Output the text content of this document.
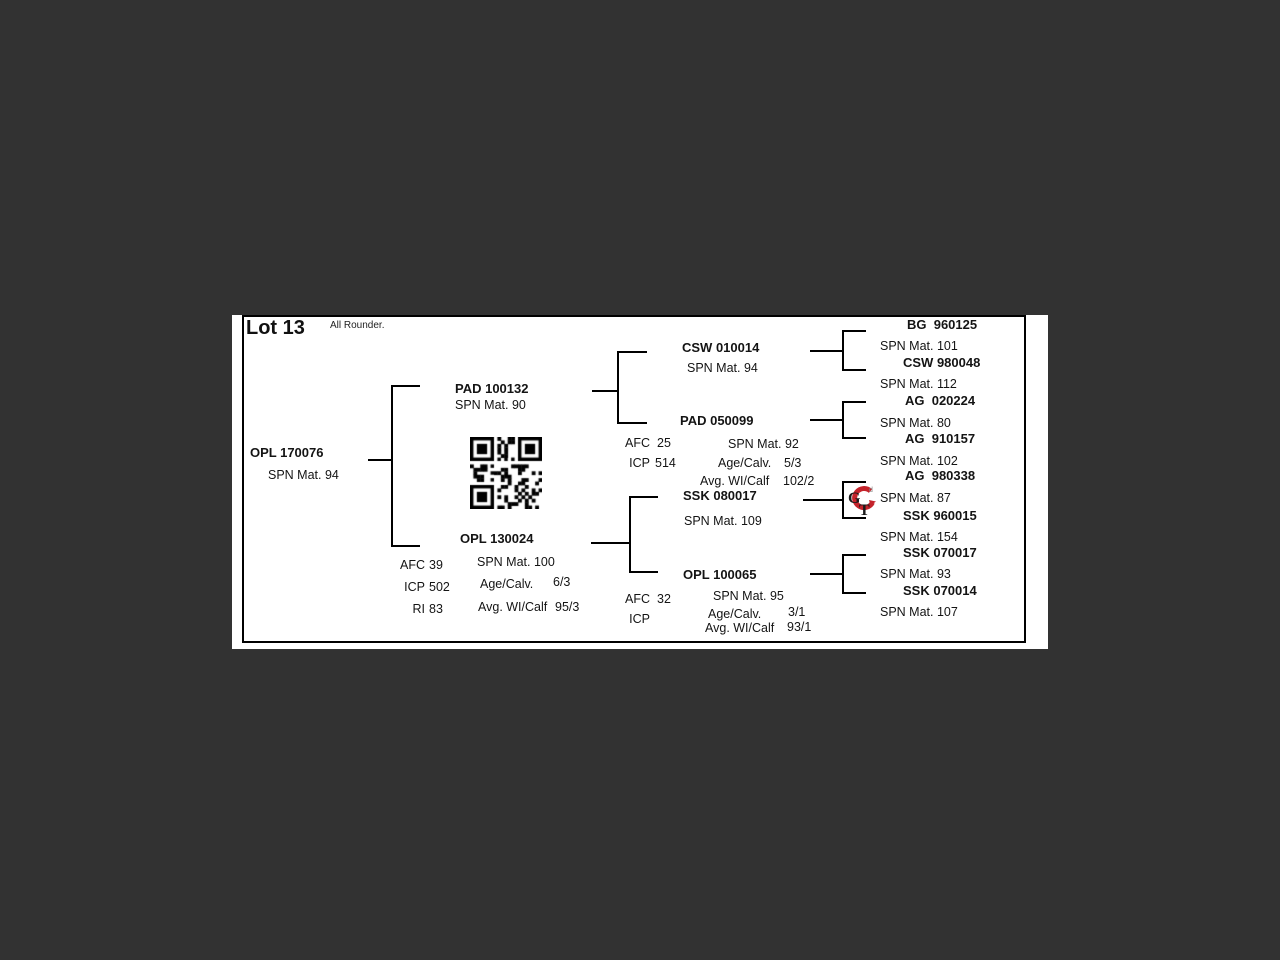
Lot 13	All Rounder.
OPL 170076
SPN Mat. 94
PAD 100132
SPN Mat. 90
OPL 130024
AFC 39
ICP 502
RI 83
SPN Mat. 100
Age/Calv. 6/3
Avg. WI/Calf 95/3
CSW 010014
SPN Mat. 94
PAD 050099
AFC 25
ICP 514
SPN Mat. 92
Age/Calv. 5/3
Avg. WI/Calf 102/2
SSK 080017
SPN Mat. 109
OPL 100065
AFC 32
ICP
SPN Mat. 95
Age/Calv. 3/1
Avg. WI/Calf 93/1
BG  960125
SPN Mat. 101
CSW 980048
SPN Mat. 112
AG  020224
SPN Mat. 80
AG  910157
SPN Mat. 102
AG  980338
SPN Mat. 87
SSK 960015
SPN Mat. 154
SSK 070017
SPN Mat. 93
SSK 070014
SPN Mat. 107
G
T
d
